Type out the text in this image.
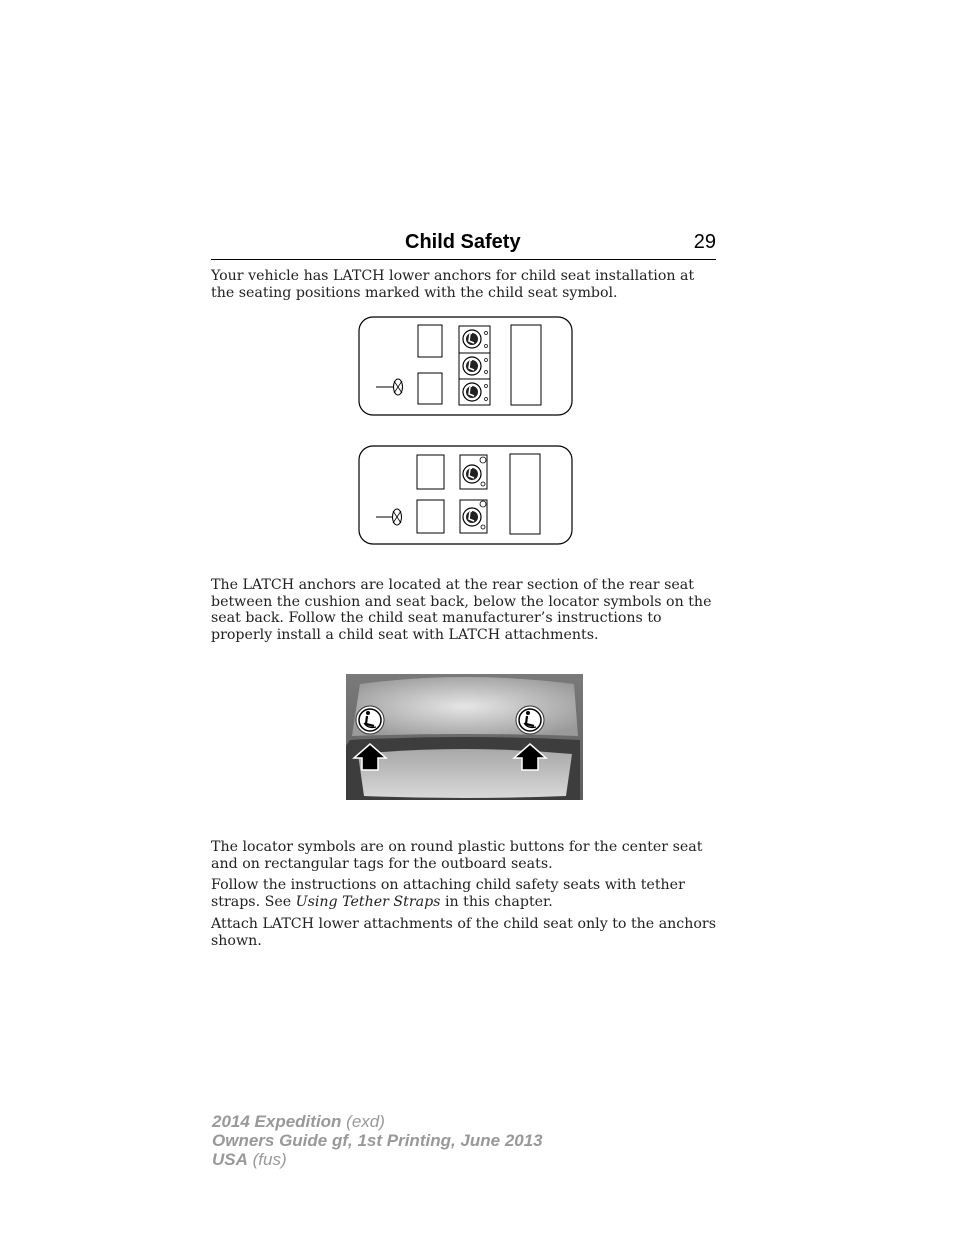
Child Safety	29

Your vehicle has LATCH lower anchors for child seat installation at the seating positions marked with the child seat symbol.

The LATCH anchors are located at the rear section of the rear seat between the cushion and seat back, below the locator symbols on the seat back. Follow the child seat manufacturer’s instructions to properly install a child seat with LATCH attachments.

The locator symbols are on round plastic buttons for the center seat and on rectangular tags for the outboard seats.

Follow the instructions on attaching child safety seats with tether straps. See Using Tether Straps in this chapter.

Attach LATCH lower attachments of the child seat only to the anchors shown.

2014 Expedition (exd)
Owners Guide gf, 1st Printing, June 2013
USA (fus)
